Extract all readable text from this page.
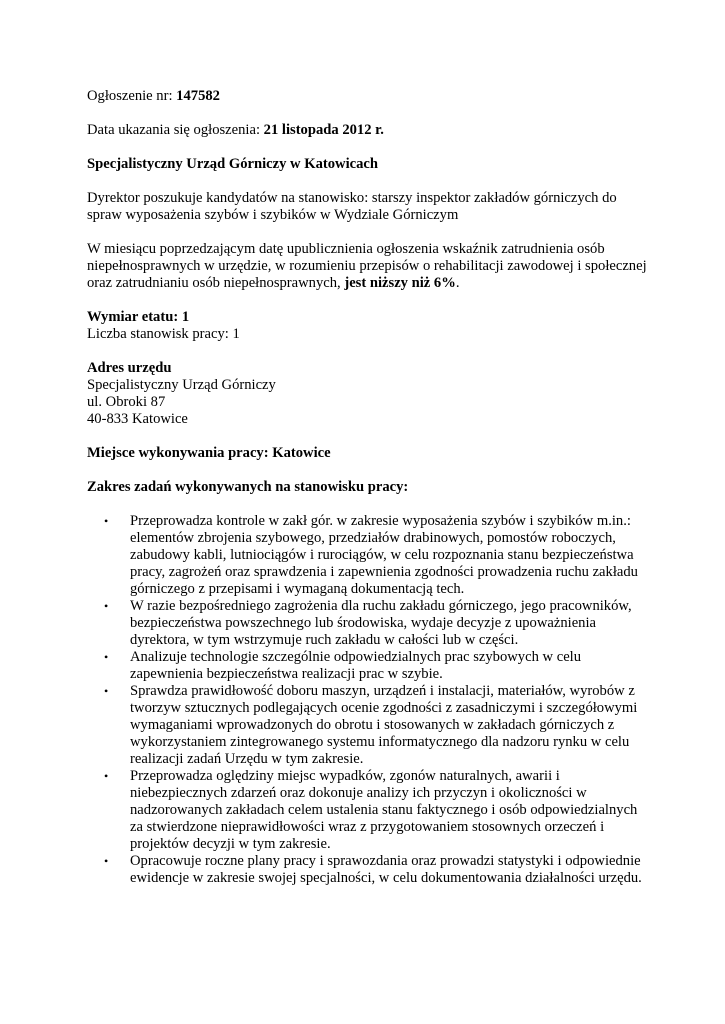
Ogłoszenie nr: 147582

Data ukazania się ogłoszenia: 21 listopada 2012 r.

Specjalistyczny Urząd Górniczy w Katowicach

Dyrektor poszukuje kandydatów na stanowisko: starszy inspektor zakładów górniczych do spraw wyposażenia szybów i szybików w Wydziale Górniczym

W miesiącu poprzedzającym datę upublicznienia ogłoszenia wskaźnik zatrudnienia osób niepełnosprawnych w urzędzie, w rozumieniu przepisów o rehabilitacji zawodowej i społecznej oraz zatrudnianiu osób niepełnosprawnych, jest niższy niż 6%.

Wymiar etatu: 1

Liczba stanowisk pracy: 1

Adres urzędu

Specjalistyczny Urząd Górniczy

ul. Obroki 87

40-833 Katowice

Miejsce wykonywania pracy: Katowice

Zakres zadań wykonywanych na stanowisku pracy:

• Przeprowadza kontrole w zakł gór. w zakresie wyposażenia szybów i szybików m.in.: elementów zbrojenia szybowego, przedziałów drabinowych, pomostów roboczych, zabudowy kabli, lutniociągów i rurociągów, w celu rozpoznania stanu bezpieczeństwa pracy, zagrożeń oraz sprawdzenia i zapewnienia zgodności prowadzenia ruchu zakładu górniczego z przepisami i wymaganą dokumentacją tech.
• W razie bezpośredniego zagrożenia dla ruchu zakładu górniczego, jego pracowników, bezpieczeństwa powszechnego lub środowiska, wydaje decyzje z upoważnienia dyrektora, w tym wstrzymuje ruch zakładu w całości lub w części.
• Analizuje technologie szczególnie odpowiedzialnych prac szybowych w celu zapewnienia bezpieczeństwa realizacji prac w szybie.
• Sprawdza prawidłowość doboru maszyn, urządzeń i instalacji, materiałów, wyrobów z tworzyw sztucznych podlegających ocenie zgodności z zasadniczymi i szczegółowymi wymaganiami wprowadzonych do obrotu i stosowanych w zakładach górniczych z wykorzystaniem zintegrowanego systemu informatycznego dla nadzoru rynku w celu realizacji zadań Urzędu w tym zakresie.
• Przeprowadza oględziny miejsc wypadków, zgonów naturalnych, awarii i niebezpiecznych zdarzeń oraz dokonuje analizy ich przyczyn i okoliczności w nadzorowanych zakładach celem ustalenia stanu faktycznego i osób odpowiedzialnych za stwierdzone nieprawidłowości wraz z przygotowaniem stosownych orzeczeń i projektów decyzji w tym zakresie.
• Opracowuje roczne plany pracy i sprawozdania oraz prowadzi statystyki i odpowiednie ewidencje w zakresie swojej specjalności, w celu dokumentowania działalności urzędu.
